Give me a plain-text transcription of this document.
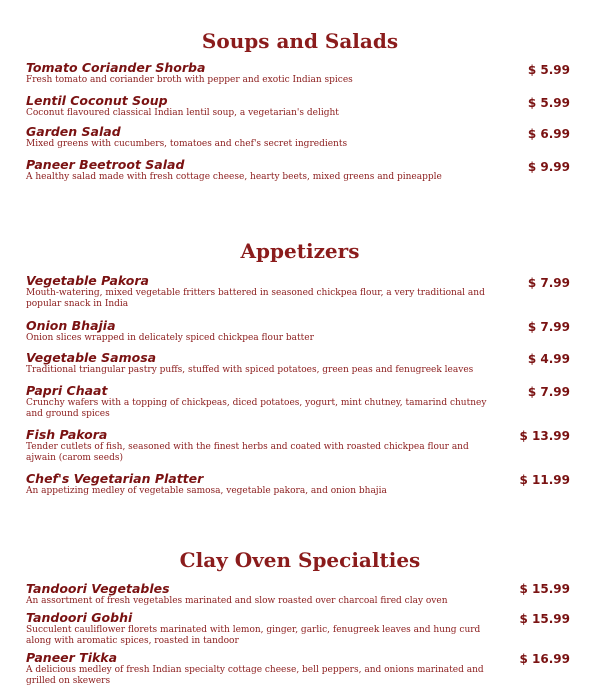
Soups and Salads
Tomato Coriander Shorba
Fresh tomato and coriander broth with pepper and exotic Indian spices
$ 5.99
Lentil Coconut Soup
Coconut flavoured classical Indian lentil soup, a vegetarian's delight
$ 5.99
Garden Salad
Mixed greens with cucumbers, tomatoes and chef's secret ingredients
$ 6.99
Paneer Beetroot Salad
A healthy salad made with fresh cottage cheese, hearty beets, mixed greens and pineapple
$ 9.99
Appetizers
Vegetable Pakora
Mouth-watering, mixed vegetable fritters battered in seasoned chickpea flour, a very traditional and popular snack in India
$ 7.99
Onion Bhajia
Onion slices wrapped in delicately spiced chickpea flour batter
$ 7.99
Vegetable Samosa
Traditional triangular pastry puffs, stuffed with spiced potatoes, green peas and fenugreek leaves
$ 4.99
Papri Chaat
Crunchy wafers with a topping of chickpeas, diced potatoes, yogurt, mint chutney, tamarind chutney and ground spices
$ 7.99
Fish Pakora
Tender cutlets of fish, seasoned with the finest herbs and coated with roasted chickpea flour and ajwain (carom seeds)
$ 13.99
Chef's Vegetarian Platter
An appetizing medley of vegetable samosa, vegetable pakora, and onion bhajia
$ 11.99
Clay Oven Specialties
Tandoori Vegetables
An assortment of fresh vegetables marinated and slow roasted over charcoal fired clay oven
$ 15.99
Tandoori Gobhi
Succulent cauliflower florets marinated with lemon, ginger, garlic, fenugreek leaves and hung curd along with aromatic spices, roasted in tandoor
$ 15.99
Paneer Tikka
A delicious medley of fresh Indian specialty cottage cheese, bell peppers, and onions marinated and grilled on skewers
$ 16.99
